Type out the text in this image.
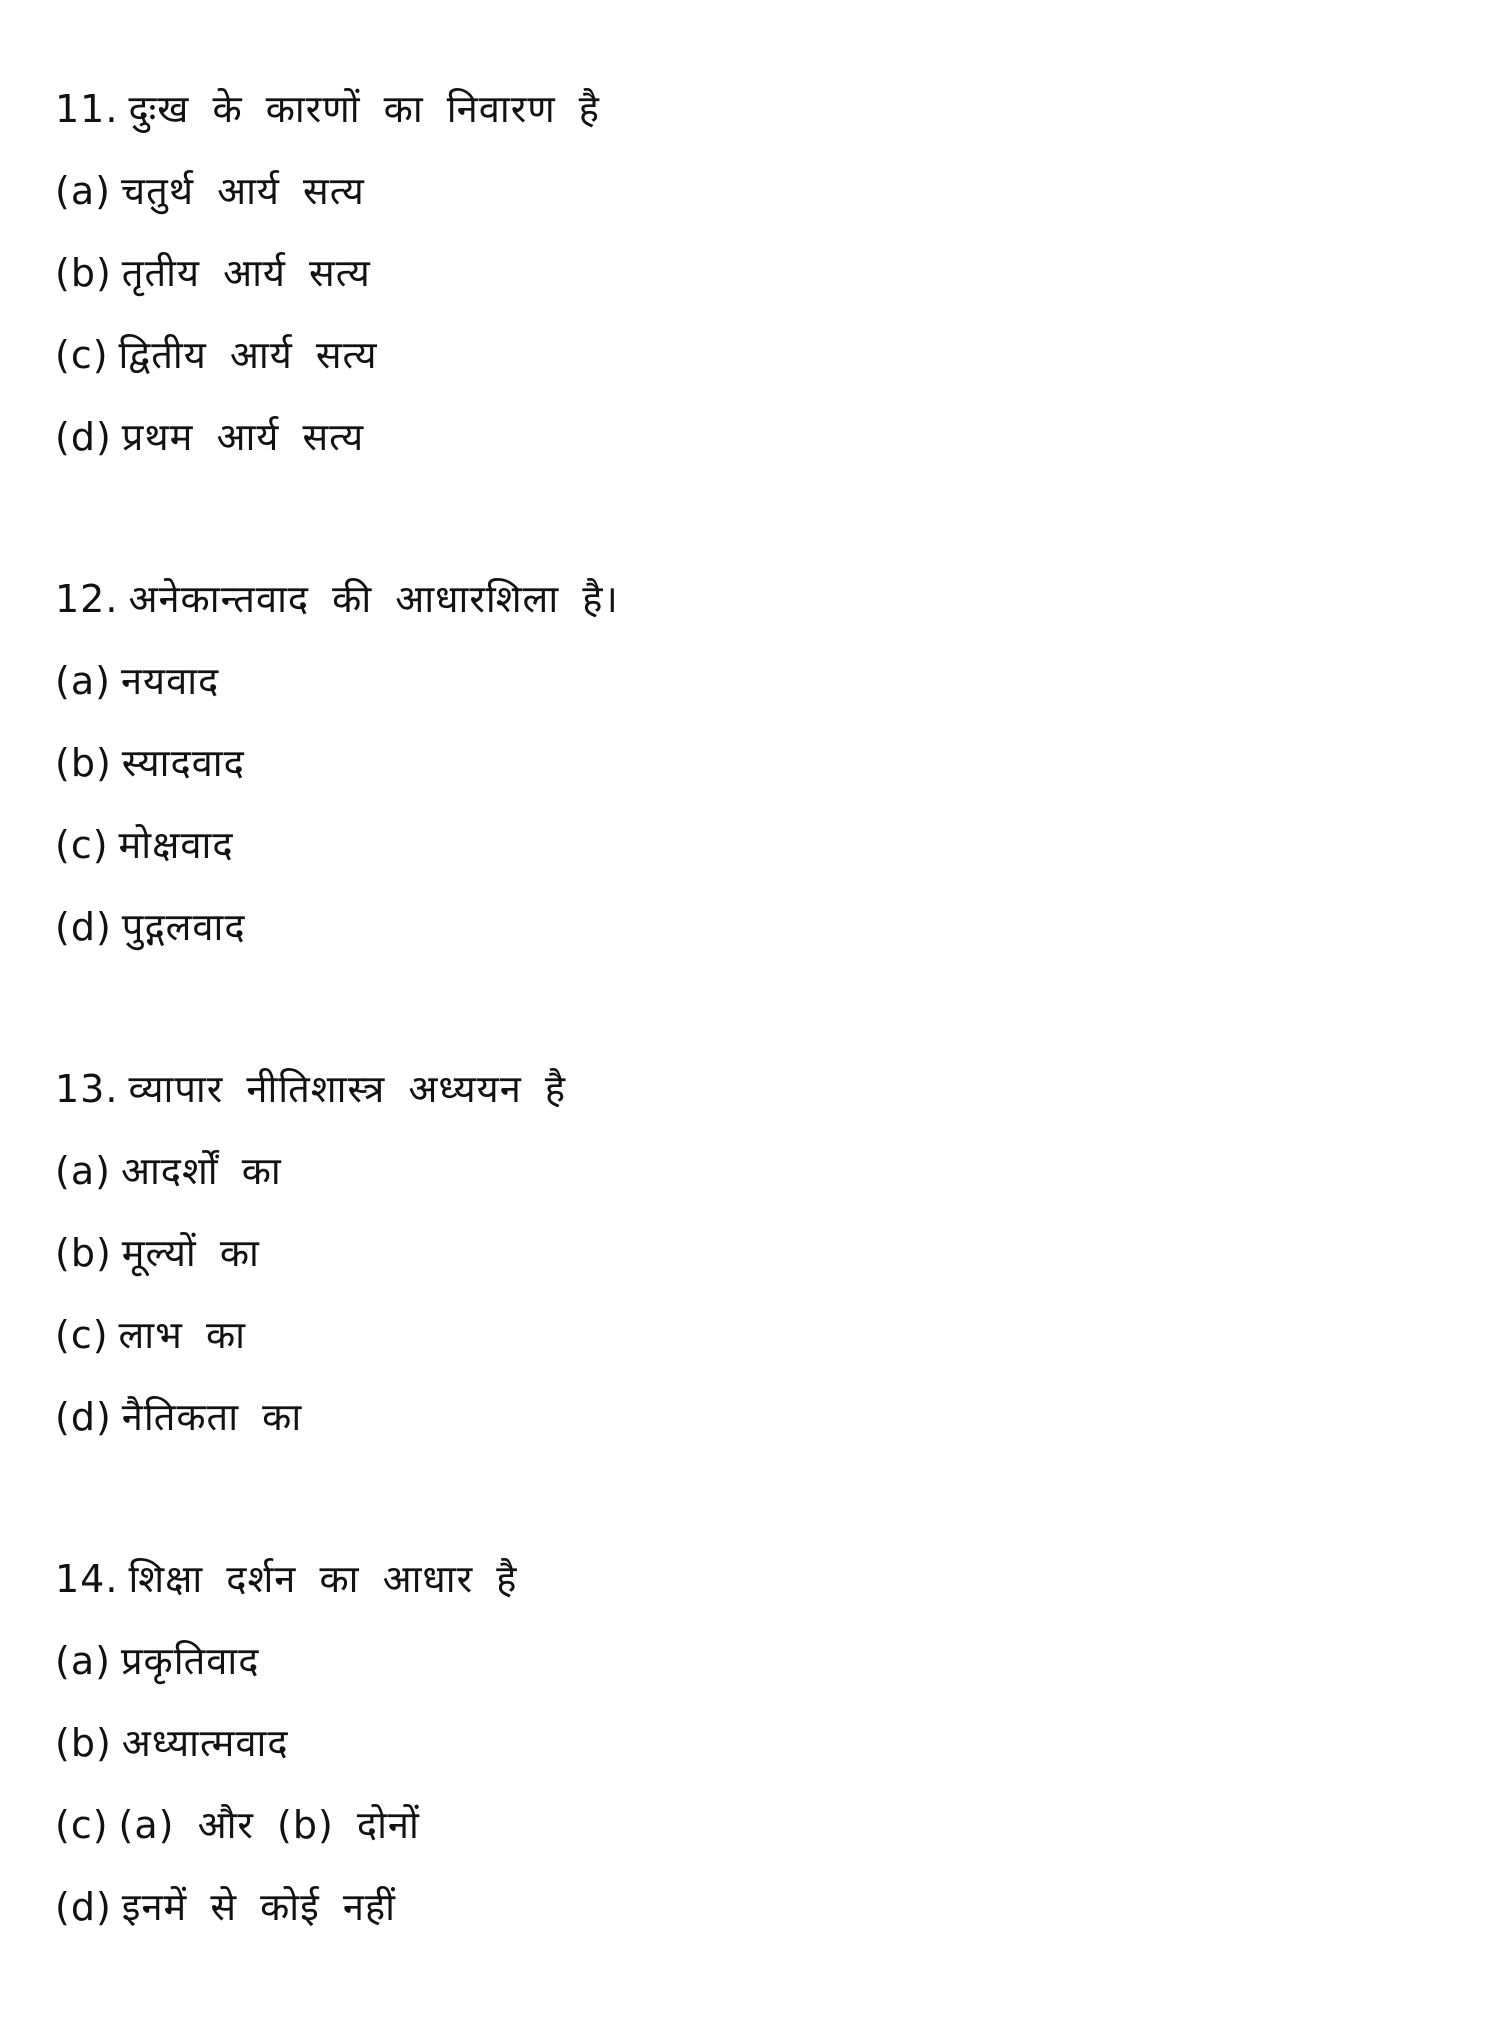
11. दुःख के कारणों का निवारण है
(a) चतुर्थ आर्य सत्य
(b) तृतीय आर्य सत्य
(c) द्वितीय आर्य सत्य
(d) प्रथम आर्य सत्य
12. अनेकान्तवाद की आधारशिला है।
(a) नयवाद
(b) स्यादवाद
(c) मोक्षवाद
(d) पुद्गलवाद
13. व्यापार नीतिशास्त्र अध्ययन है
(a) आदर्शों का
(b) मूल्यों का
(c) लाभ का
(d) नैतिकता का
14. शिक्षा दर्शन का आधार है
(a) प्रकृतिवाद
(b) अध्यात्मवाद
(c) (a) और (b) दोनों
(d) इनमें से कोई नहीं
